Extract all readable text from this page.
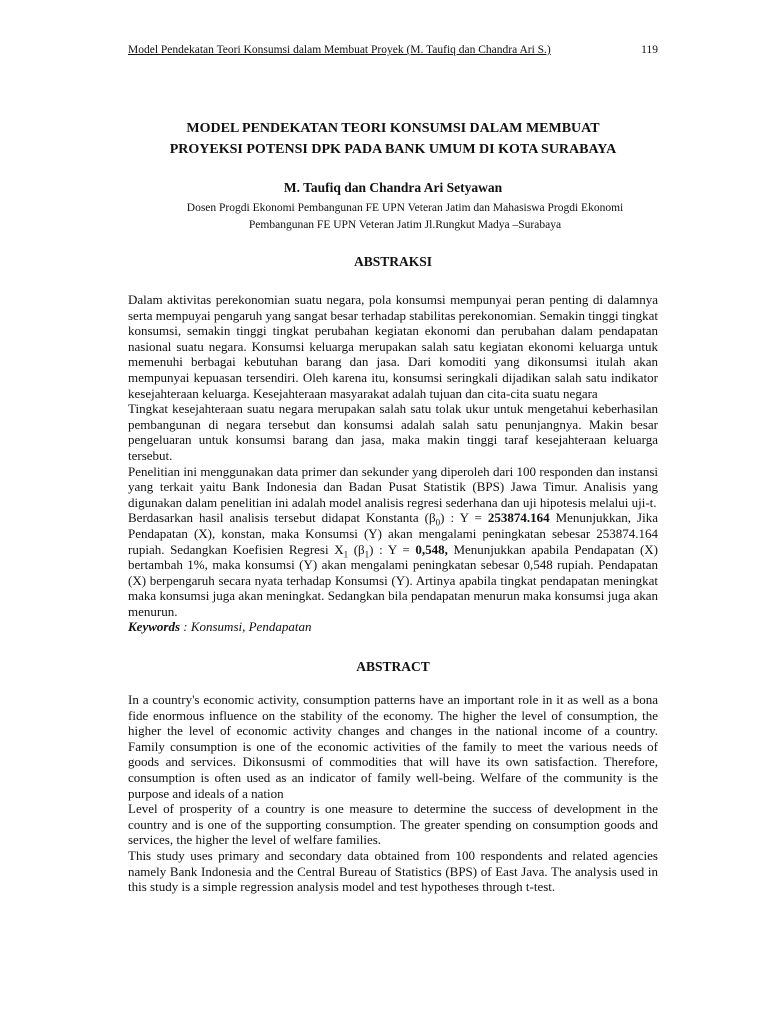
Model Pendekatan Teori Konsumsi dalam Membuat Proyek (M. Taufiq dan Chandra Ari S.)	119
MODEL PENDEKATAN TEORI KONSUMSI DALAM MEMBUAT
PROYEKSI POTENSI DPK PADA BANK UMUM DI KOTA SURABAYA
M. Taufiq dan Chandra Ari Setyawan
Dosen Progdi Ekonomi Pembangunan FE UPN Veteran Jatim dan Mahasiswa Progdi Ekonomi
Pembangunan FE UPN Veteran Jatim Jl.Rungkut Madya –Surabaya
ABSTRAKSI

Dalam aktivitas perekonomian suatu negara, pola konsumsi mempunyai peran penting di dalamnya serta mempuyai pengaruh yang sangat besar terhadap stabilitas perekonomian. Semakin tinggi tingkat konsumsi, semakin tinggi tingkat perubahan kegiatan ekonomi dan perubahan dalam pendapatan nasional suatu negara. Konsumsi keluarga merupakan salah satu kegiatan ekonomi keluarga untuk memenuhi berbagai kebutuhan barang dan jasa. Dari komoditi yang dikonsumsi itulah akan mempunyai kepuasan tersendiri. Oleh karena itu, konsumsi seringkali dijadikan salah satu indikator kesejahteraan keluarga. Kesejahteraan masyarakat adalah tujuan dan cita-cita suatu negara

Tingkat kesejahteraan suatu negara merupakan salah satu tolak ukur untuk mengetahui keberhasilan pembangunan di negara tersebut dan konsumsi adalah salah satu penunjangnya. Makin besar pengeluaran untuk konsumsi barang dan jasa, maka makin tinggi taraf kesejahteraan keluarga tersebut.

Penelitian ini menggunakan data primer dan sekunder yang diperoleh dari 100 responden dan instansi yang terkait yaitu Bank Indonesia dan Badan Pusat Statistik (BPS) Jawa Timur. Analisis yang digunakan dalam penelitian ini adalah model analisis regresi sederhana dan uji hipotesis melalui uji-t.

Berdasarkan hasil analisis tersebut didapat Konstanta $(\beta_0)$ : Y = 253874.164 Menunjukkan, Jika Pendapatan (X), konstan, maka Konsumsi (Y) akan mengalami peningkatan sebesar 253874.164 rupiah. Sedangkan Koefisien Regresi $X_1$ $(\beta_1)$ : Y = 0,548, Menunjukkan apabila Pendapatan (X) bertambah 1%, maka konsumsi (Y) akan mengalami peningkatan sebesar 0,548 rupiah. Pendapatan (X) berpengaruh secara nyata terhadap Konsumsi (Y). Artinya apabila tingkat pendapatan meningkat maka konsumsi juga akan meningkat. Sedangkan bila pendapatan menurun maka konsumsi juga akan menurun.

Keywords : Konsumsi, Pendapatan

ABSTRACT

In a country's economic activity, consumption patterns have an important role in it as well as a bona fide enormous influence on the stability of the economy. The higher the level of consumption, the higher the level of economic activity changes and changes in the national income of a country. Family consumption is one of the economic activities of the family to meet the various needs of goods and services. Dikonsusmi of commodities that will have its own satisfaction. Therefore, consumption is often used as an indicator of family well-being. Welfare of the community is the purpose and ideals of a nation

Level of prosperity of a country is one measure to determine the success of development in the country and is one of the supporting consumption. The greater spending on consumption goods and services, the higher the level of welfare families.

This study uses primary and secondary data obtained from 100 respondents and related agencies namely Bank Indonesia and the Central Bureau of Statistics (BPS) of East Java. The analysis used in this study is a simple regression analysis model and test hypotheses through t-test.
